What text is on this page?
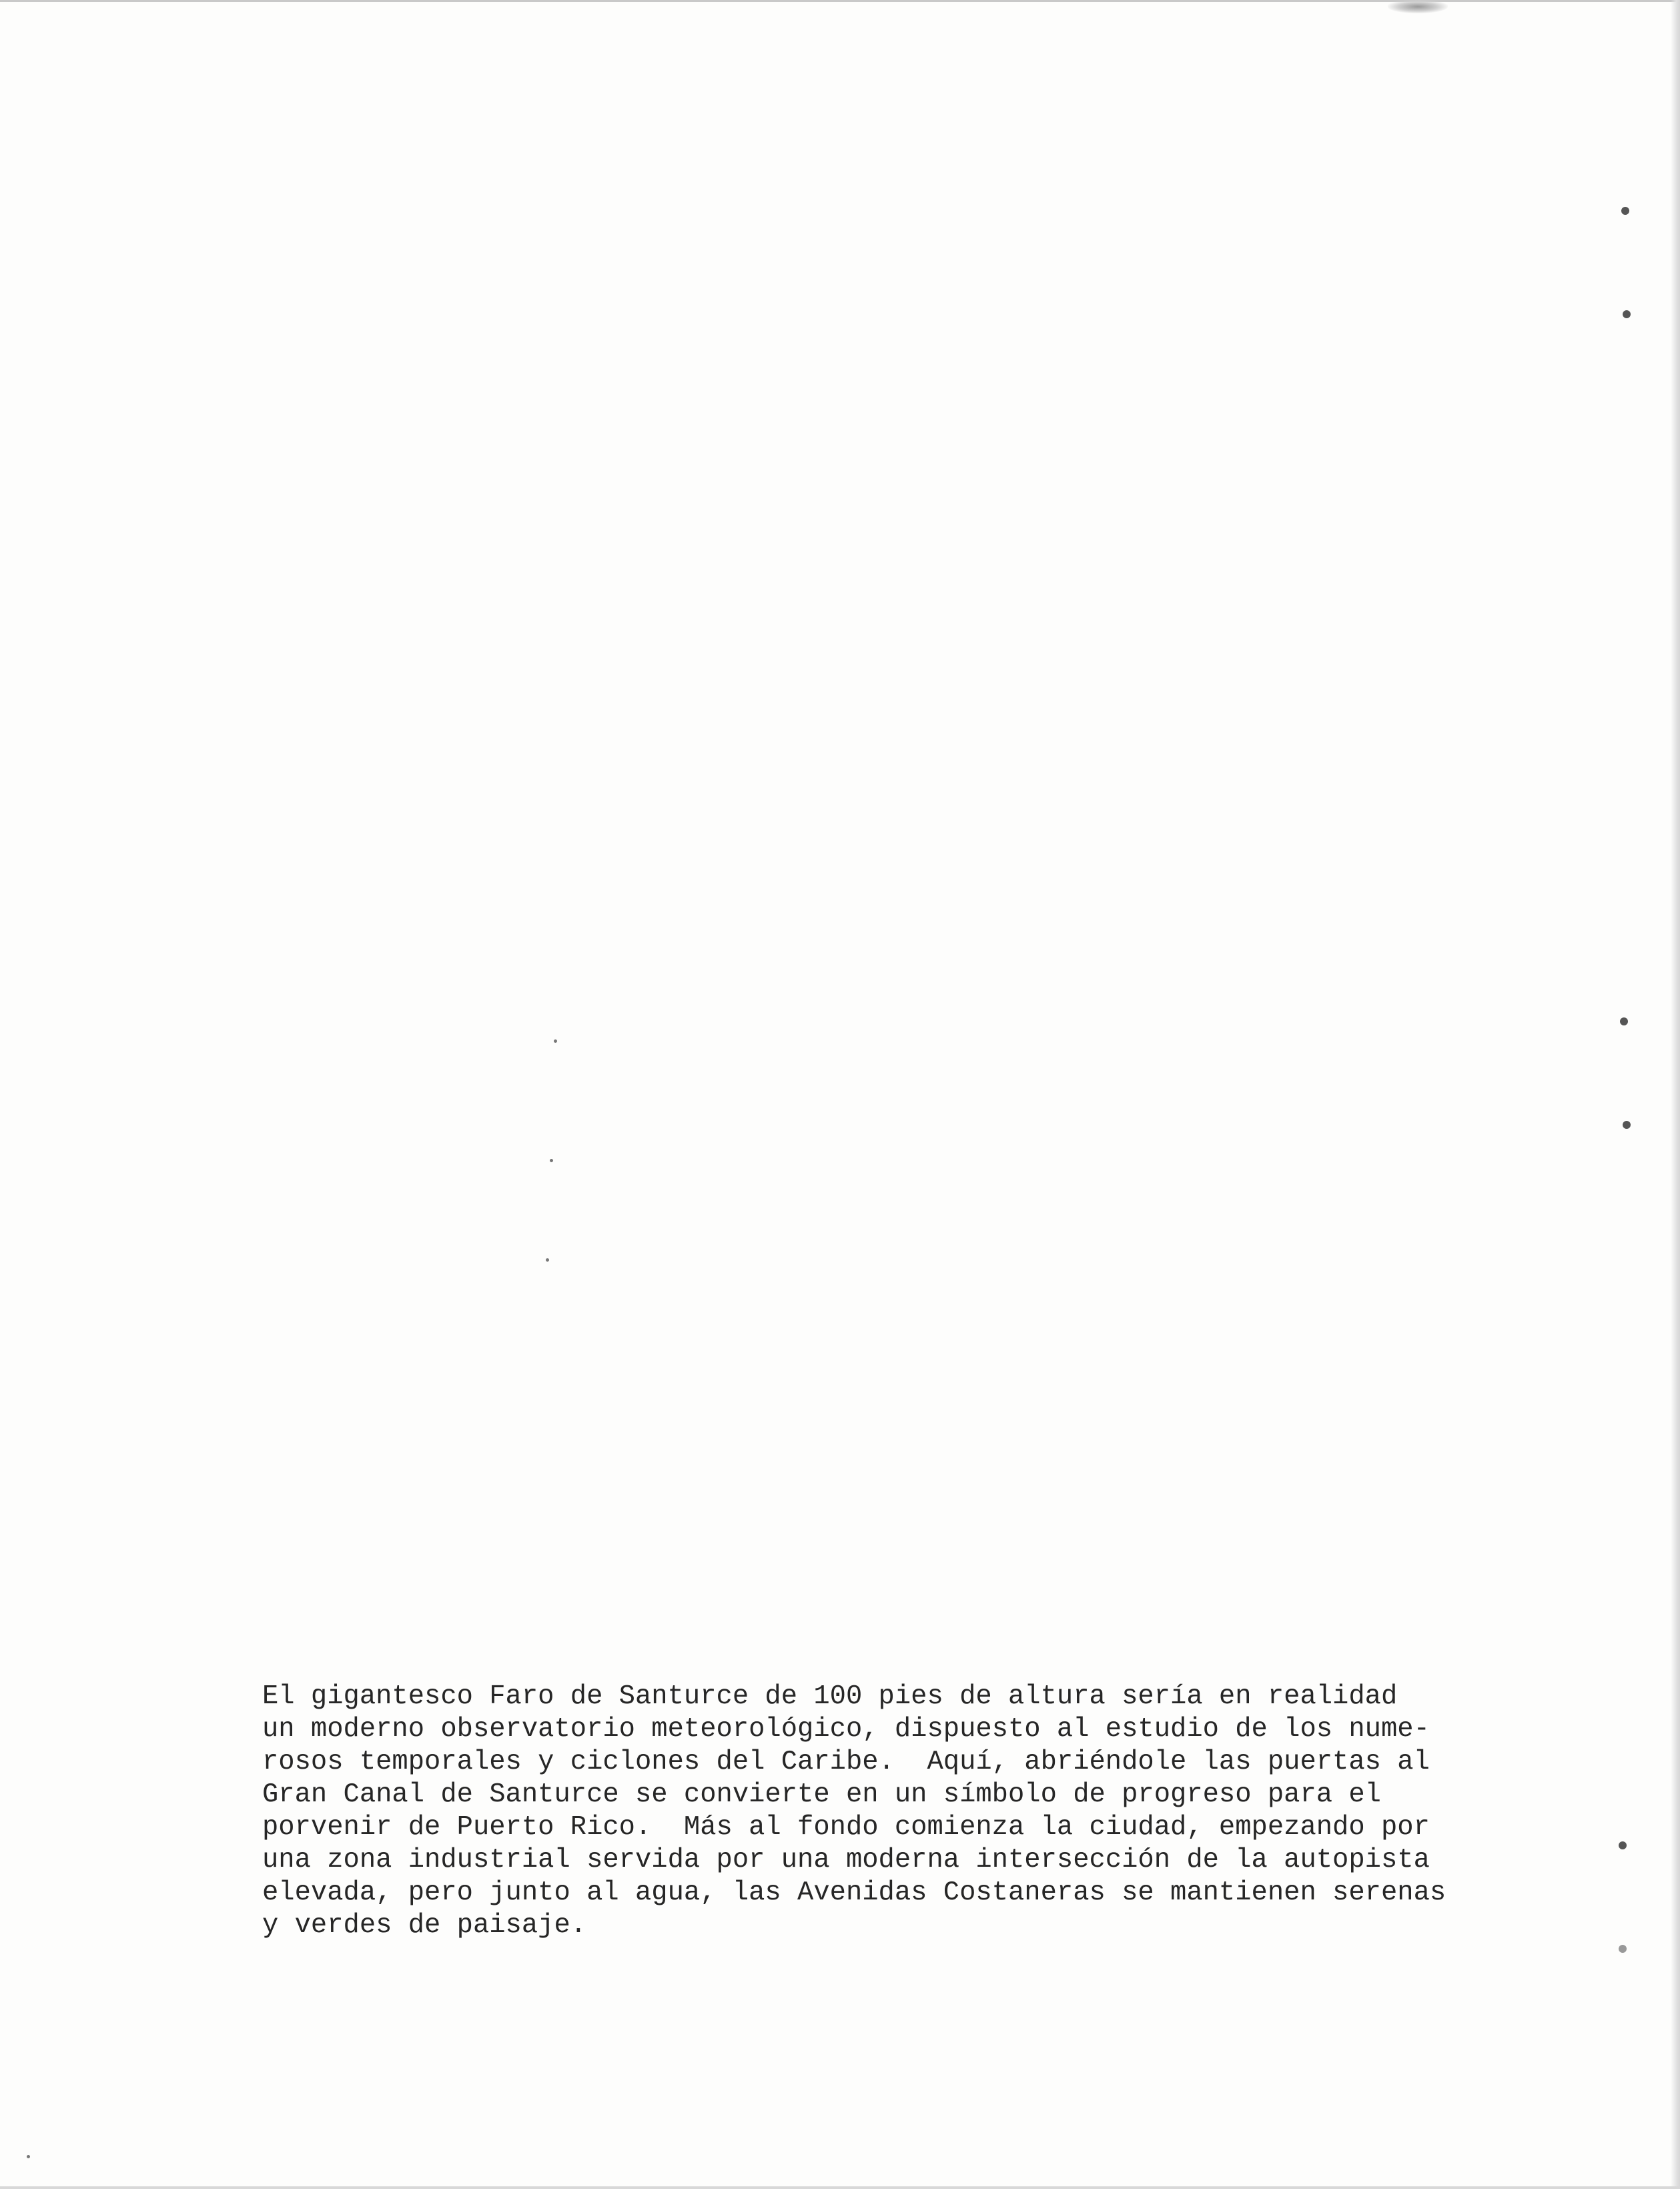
El gigantesco Faro de Santurce de 100 pies de altura sería en realidad
un moderno observatorio meteorológico, dispuesto al estudio de los nume-
rosos temporales y ciclones del Caribe.  Aquí, abriéndole las puertas al
Gran Canal de Santurce se convierte en un símbolo de progreso para el
porvenir de Puerto Rico.  Más al fondo comienza la ciudad, empezando por
una zona industrial servida por una moderna intersección de la autopista
elevada, pero junto al agua, las Avenidas Costaneras se mantienen serenas
y verdes de paisaje.
